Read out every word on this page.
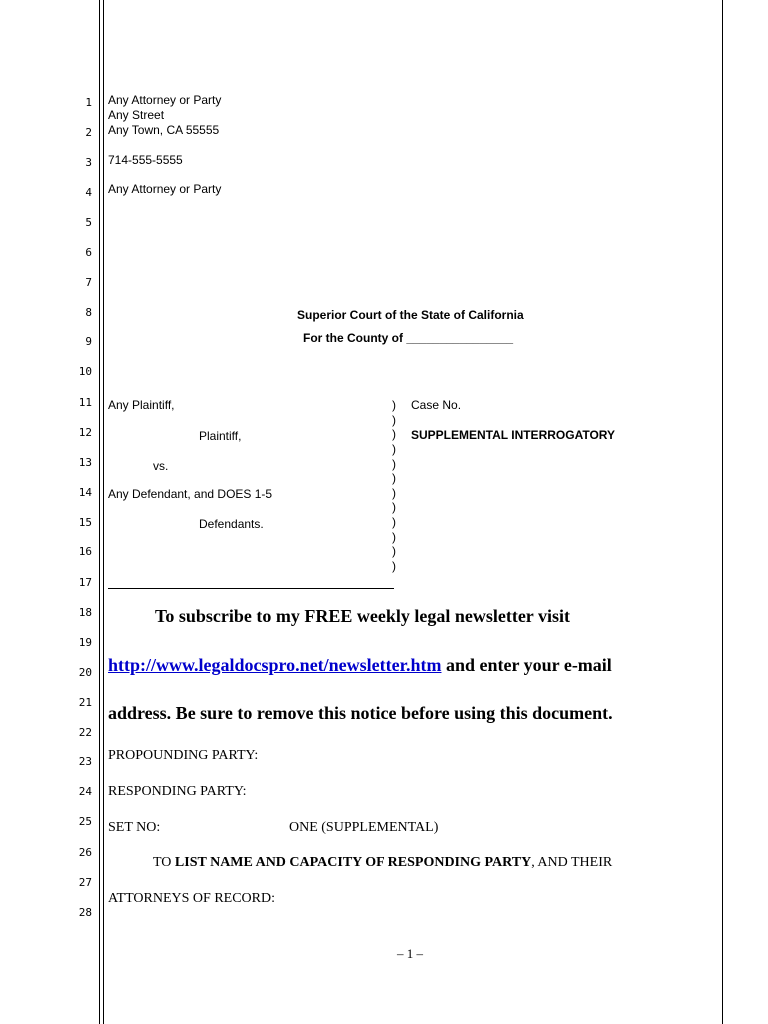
1
2
3
4
5
6
7
8
9
10
11
12
13
14
15
16
17
18
19
20
21
22
23
24
25
26
27
28
Any Attorney or Party
Any Street
Any Town, CA 55555
714-555-5555
Any Attorney or Party
Superior Court of the State of California
For the County of ________________
Any Plaintiff,
Plaintiff,
vs.
Any Defendant, and DOES 1-5
Defendants.
)
)
)
)
)
)
)
)
)
)
)
)
Case No.
SUPPLEMENTAL INTERROGATORY
To subscribe to my FREE weekly legal newsletter visit
http://www.legaldocspro.net/newsletter.htm and enter your e-mail
address. Be sure to remove this notice before using this document.
PROPOUNDING PARTY:
RESPONDING PARTY:
SET NO:	ONE (SUPPLEMENTAL)
TO LIST NAME AND CAPACITY OF RESPONDING PARTY, AND THEIR
ATTORNEYS OF RECORD:
– 1 –
